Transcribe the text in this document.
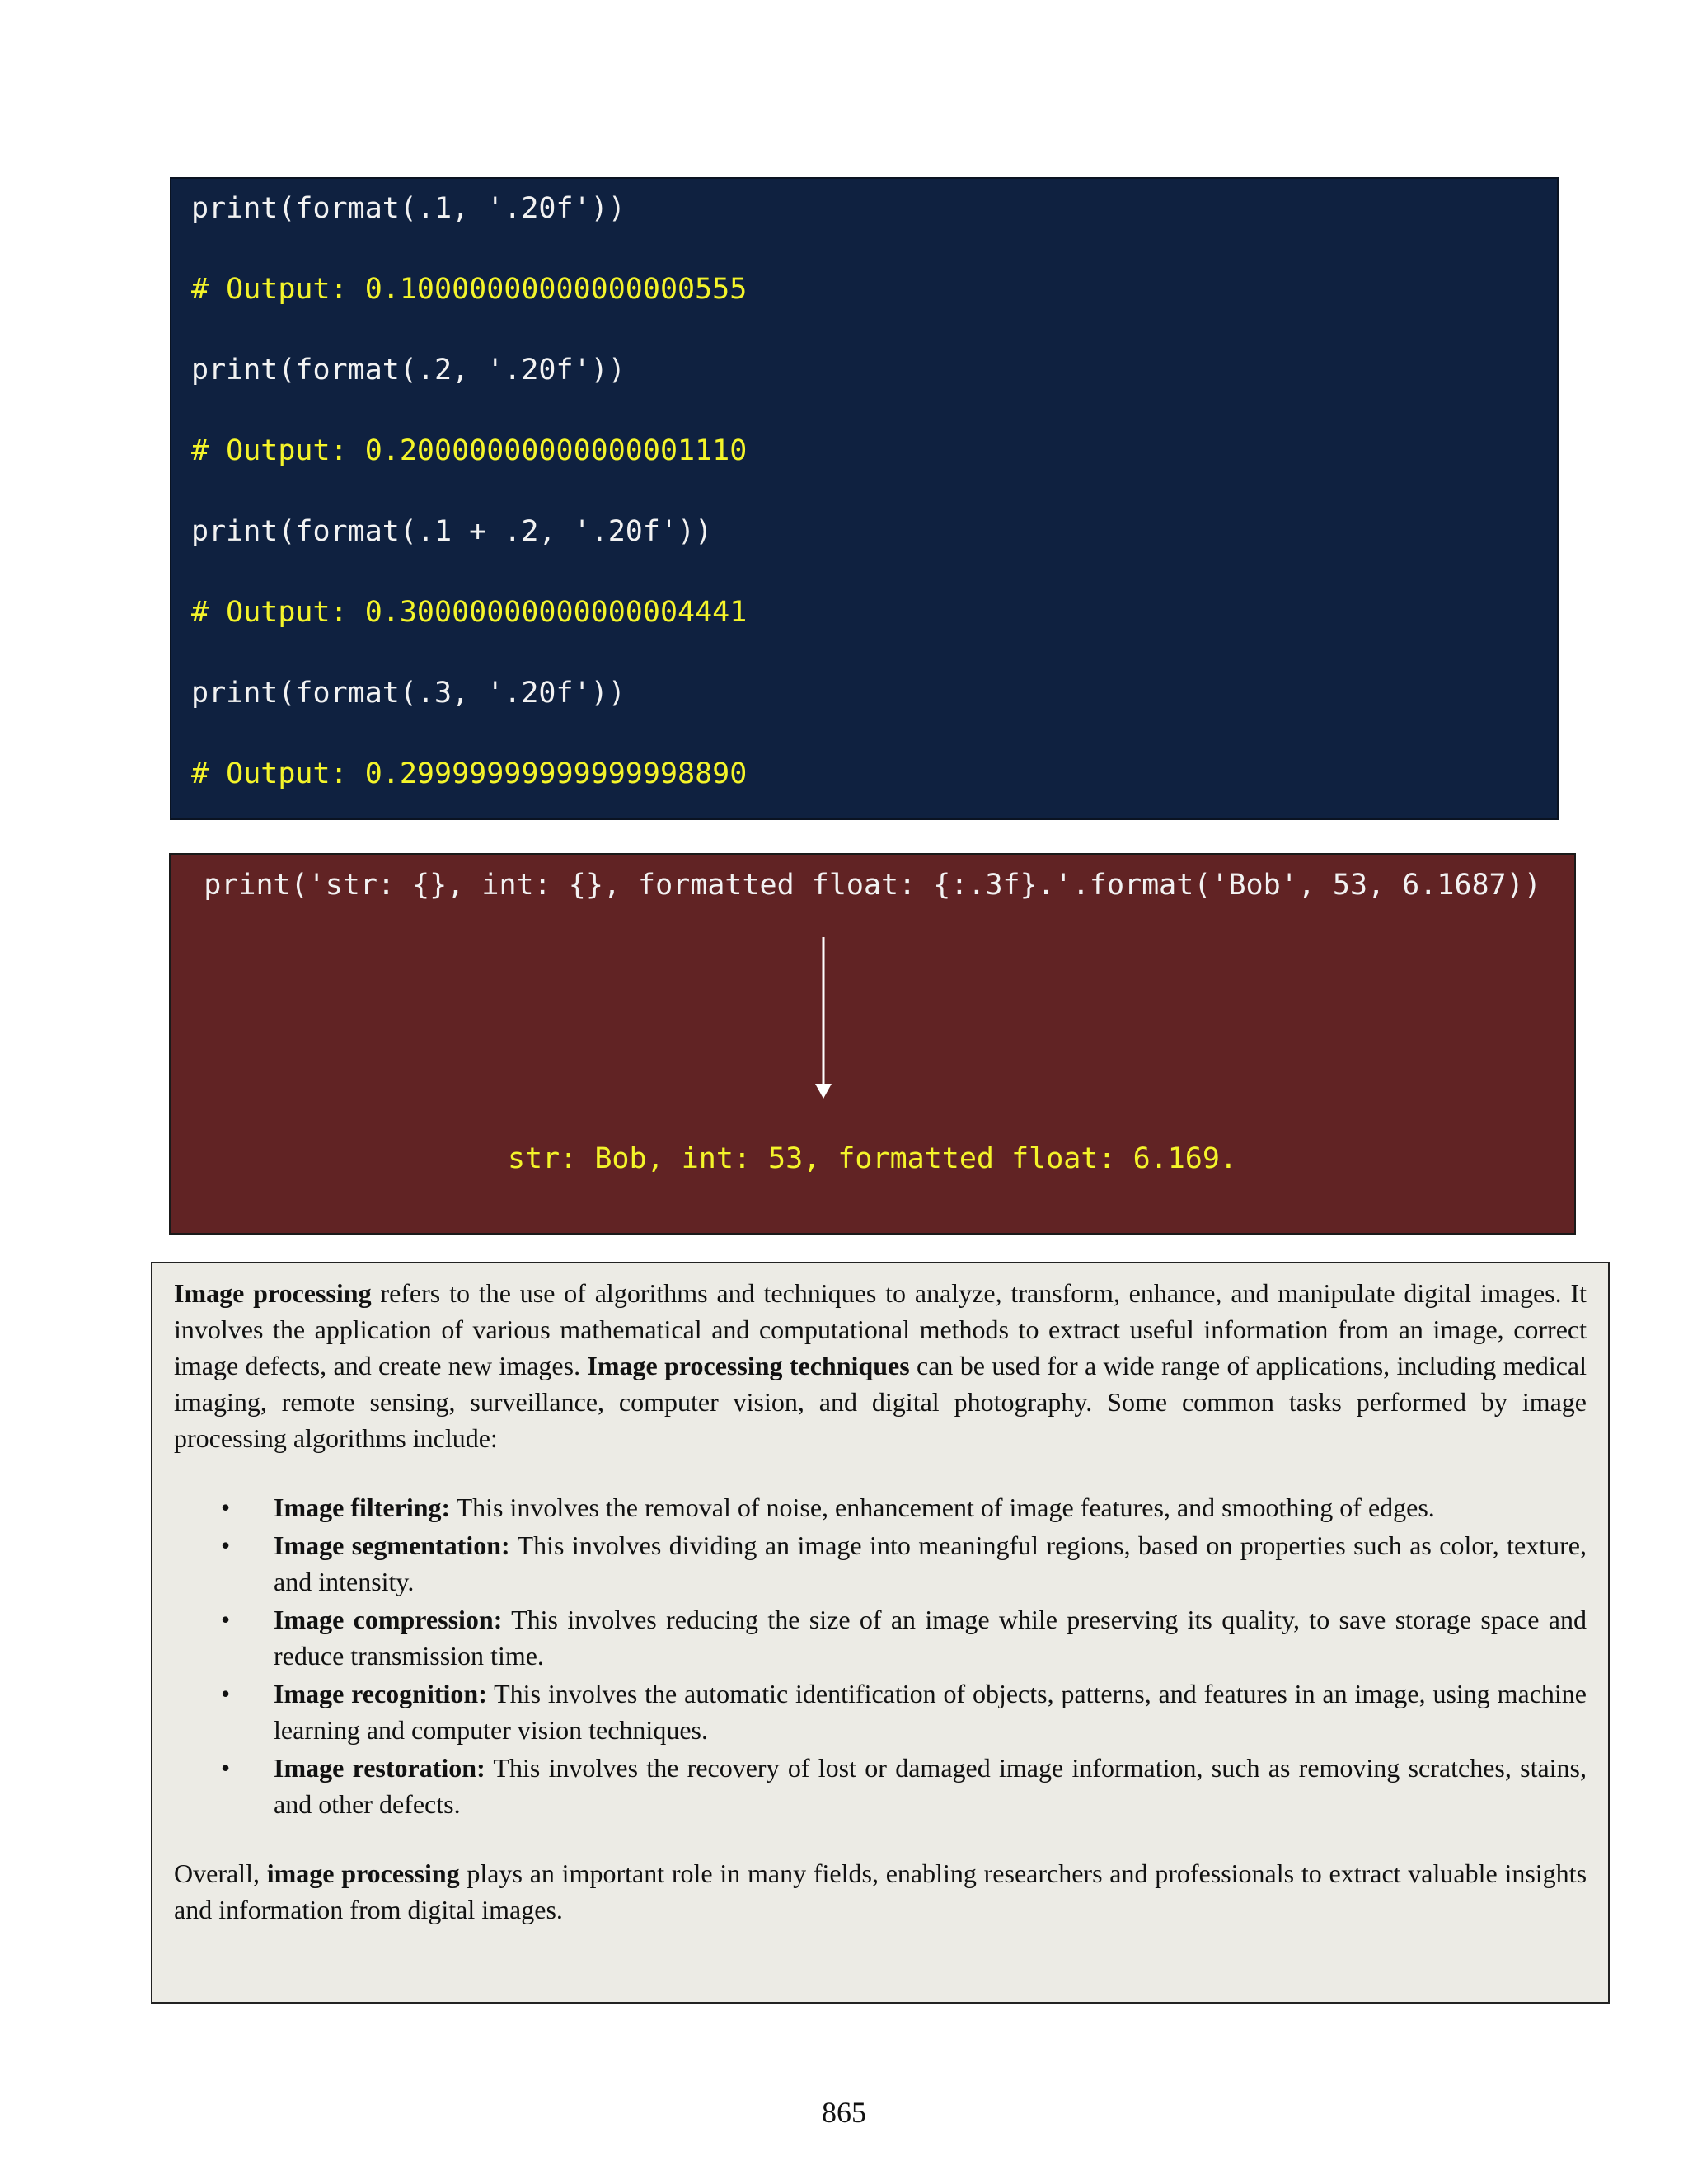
print(format(.1, '.20f'))
# Output: 0.10000000000000000555
print(format(.2, '.20f'))
# Output: 0.20000000000000001110
print(format(.1 + .2, '.20f'))
# Output: 0.30000000000000004441
print(format(.3, '.20f'))
# Output: 0.29999999999999998890
print('str: {}, int: {}, formatted float: {:.3f}.'.format('Bob', 53, 6.1687))
str: Bob, int: 53, formatted float: 6.169.

Image processing refers to the use of algorithms and techniques to analyze, transform, enhance, and manipulate digital images. It involves the application of various mathematical and computational methods to extract useful information from an image, correct image defects, and create new images. Image processing techniques can be used for a wide range of applications, including medical imaging, remote sensing, surveillance, computer vision, and digital photography. Some common tasks performed by image processing algorithms include:

• Image filtering: This involves the removal of noise, enhancement of image features, and smoothing of edges.
• Image segmentation: This involves dividing an image into meaningful regions, based on properties such as color, texture, and intensity.
• Image compression: This involves reducing the size of an image while preserving its quality, to save storage space and reduce transmission time.
• Image recognition: This involves the automatic identification of objects, patterns, and features in an image, using machine learning and computer vision techniques.
• Image restoration: This involves the recovery of lost or damaged image information, such as removing scratches, stains, and other defects.

Overall, image processing plays an important role in many fields, enabling researchers and professionals to extract valuable insights and information from digital images.

865
